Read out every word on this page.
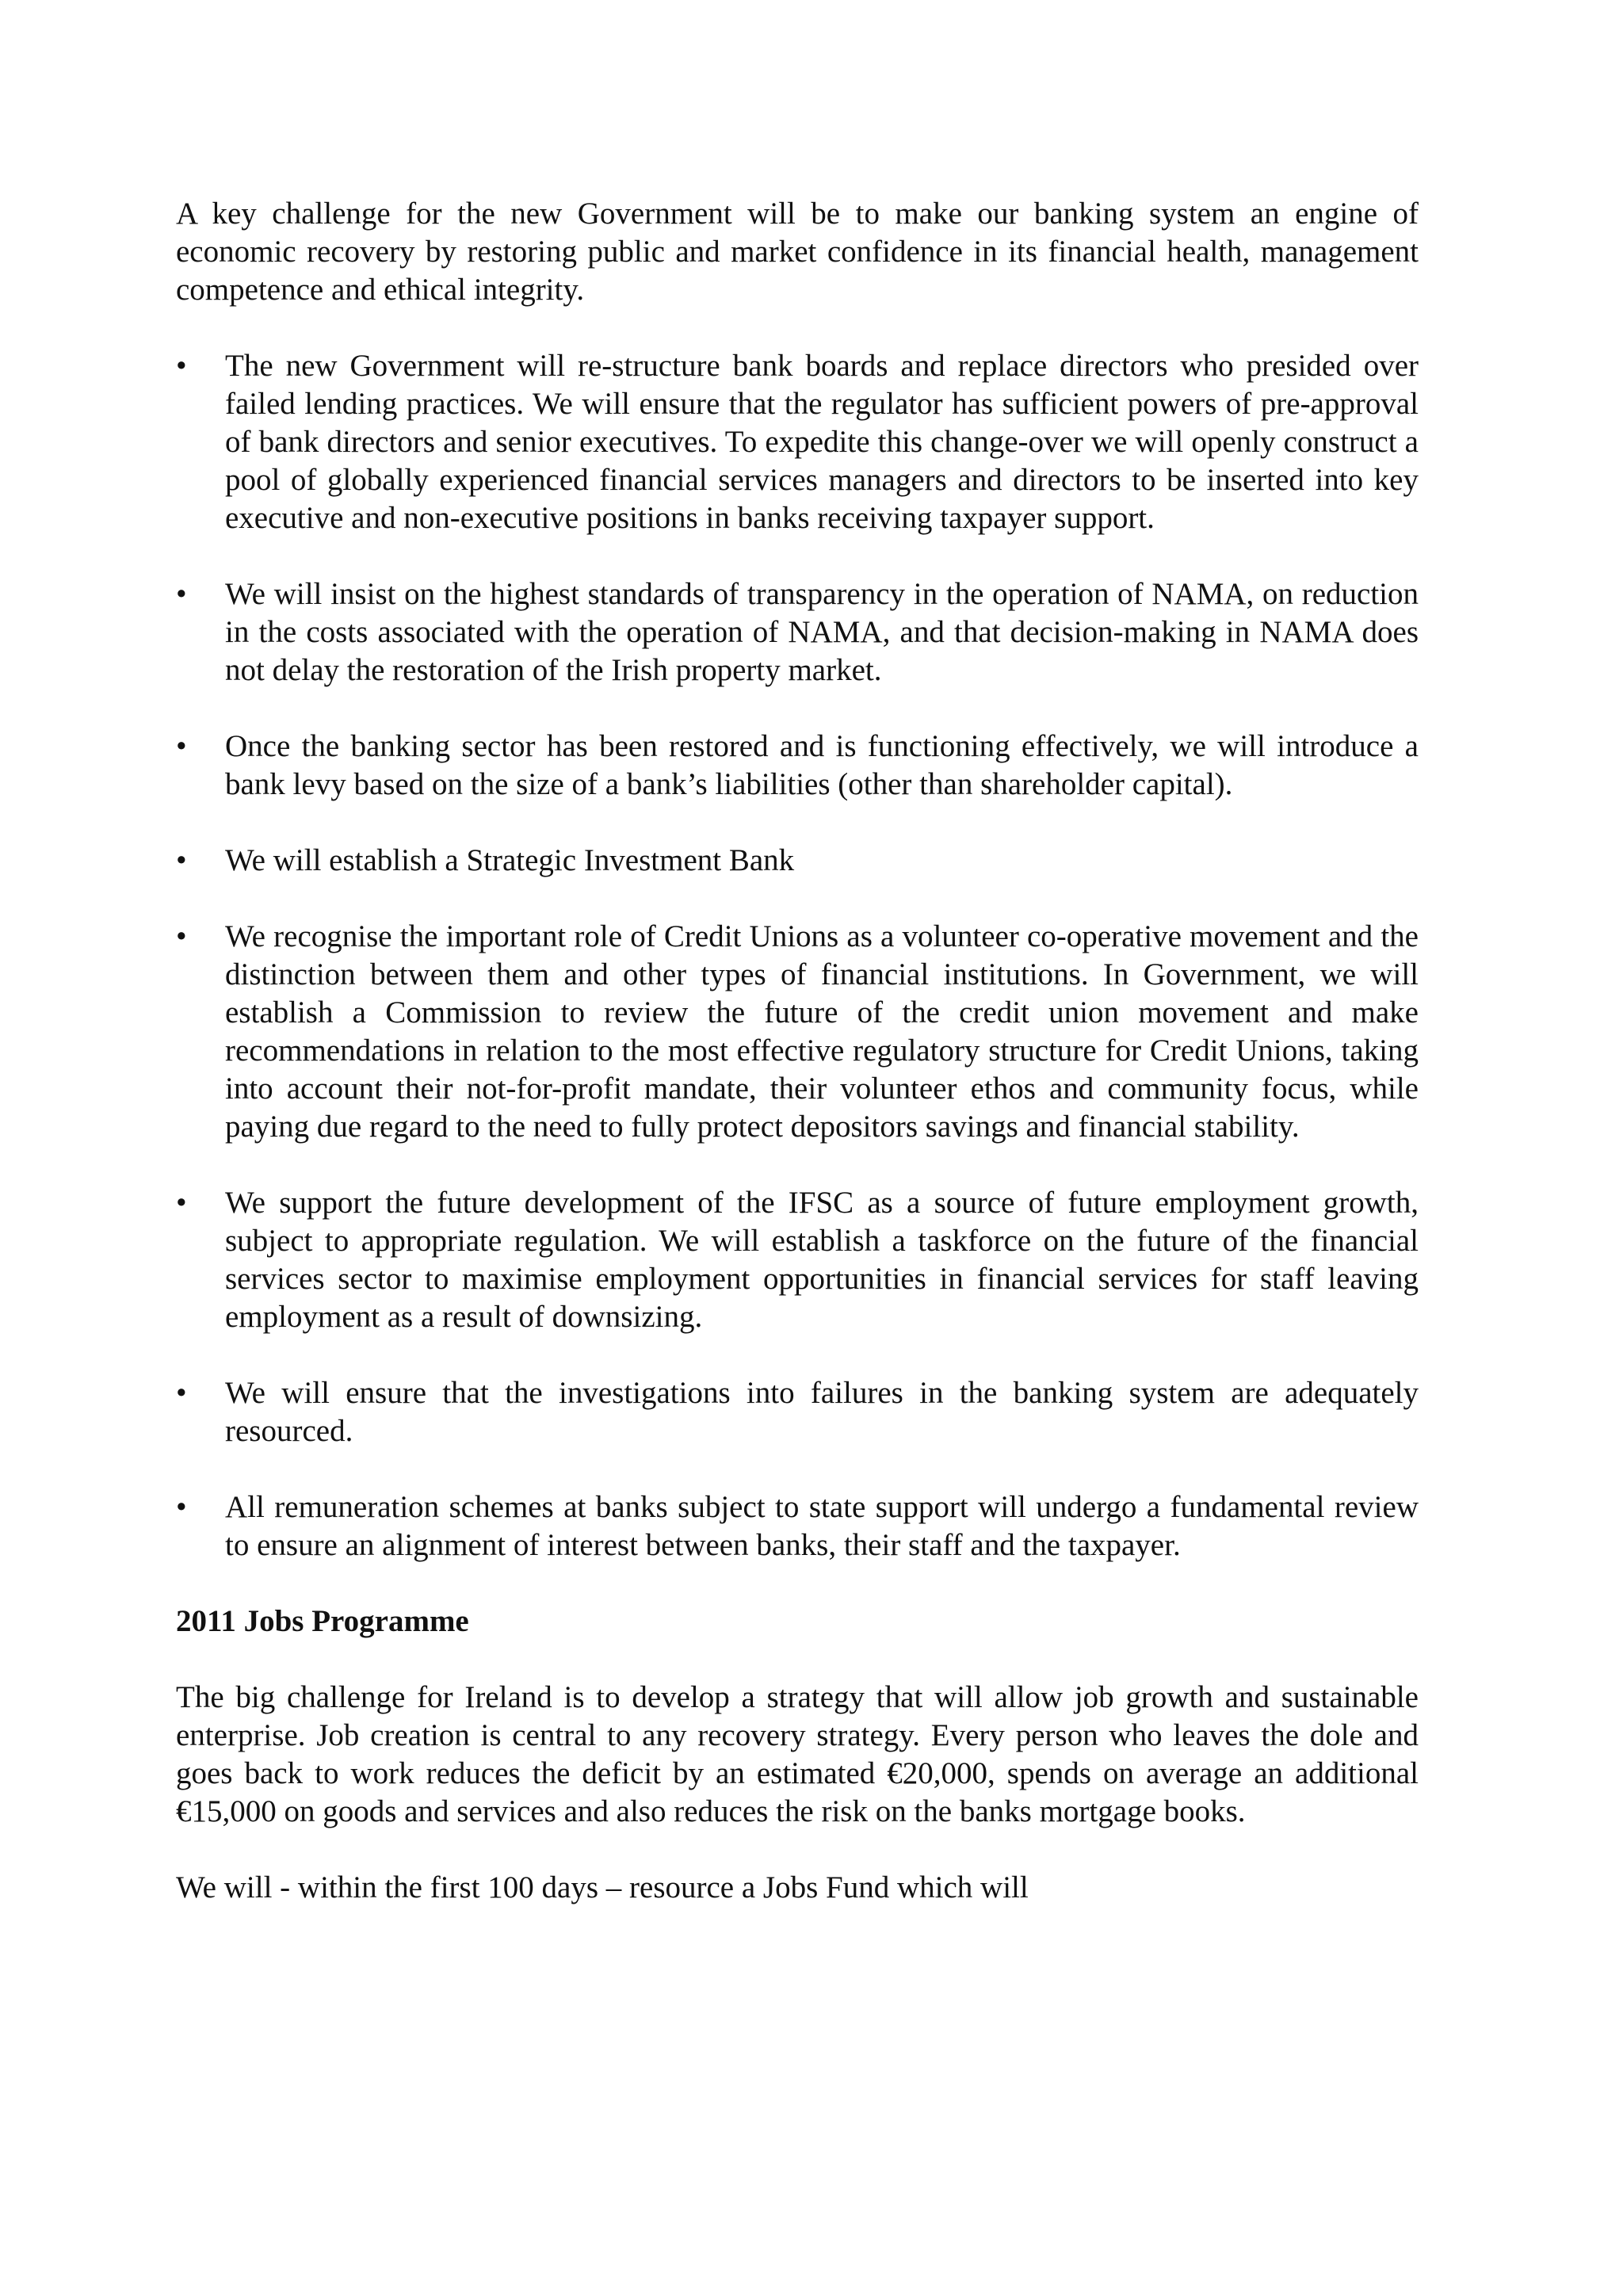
A key challenge for the new Government will be to make our banking system an engine of economic recovery by restoring public and market confidence in its financial health, management competence and ethical integrity.

•	The new Government will re-structure bank boards and replace directors who presided over failed lending practices. We will ensure that the regulator has sufficient powers of pre-approval of bank directors and senior executives. To expedite this change-over we will openly construct a pool of globally experienced financial services managers and directors to be inserted into key executive and non-executive positions in banks receiving taxpayer support.
•	We will insist on the highest standards of transparency in the operation of NAMA, on reduction in the costs associated with the operation of NAMA, and that decision-making in NAMA does not delay the restoration of the Irish property market.
•	Once the banking sector has been restored and is functioning effectively, we will introduce a bank levy based on the size of a bank’s liabilities (other than shareholder capital).
•	We will establish a Strategic Investment Bank
•	We recognise the important role of Credit Unions as a volunteer co-operative movement and the distinction between them and other types of financial institutions. In Government, we will establish a Commission to review the future of the credit union movement and make recommendations in relation to the most effective regulatory structure for Credit Unions, taking into account their not-for-profit mandate, their volunteer ethos and community focus, while paying due regard to the need to fully protect depositors savings and financial stability.
•	We support the future development of the IFSC as a source of future employment growth, subject to appropriate regulation. We will establish a taskforce on the future of the financial services sector to maximise employment opportunities in financial services for staff leaving employment as a result of downsizing.
•	We will ensure that the investigations into failures in the banking system are adequately resourced.
•	All remuneration schemes at banks subject to state support will undergo a fundamental review to ensure an alignment of interest between banks, their staff and the taxpayer.
2011 Jobs Programme

The big challenge for Ireland is to develop a strategy that will allow job growth and sustainable enterprise. Job creation is central to any recovery strategy. Every person who leaves the dole and goes back to work reduces the deficit by an estimated €20,000, spends on average an additional €15,000 on goods and services and also reduces the risk on the banks mortgage books.

We will - within the first 100 days – resource a Jobs Fund which will
